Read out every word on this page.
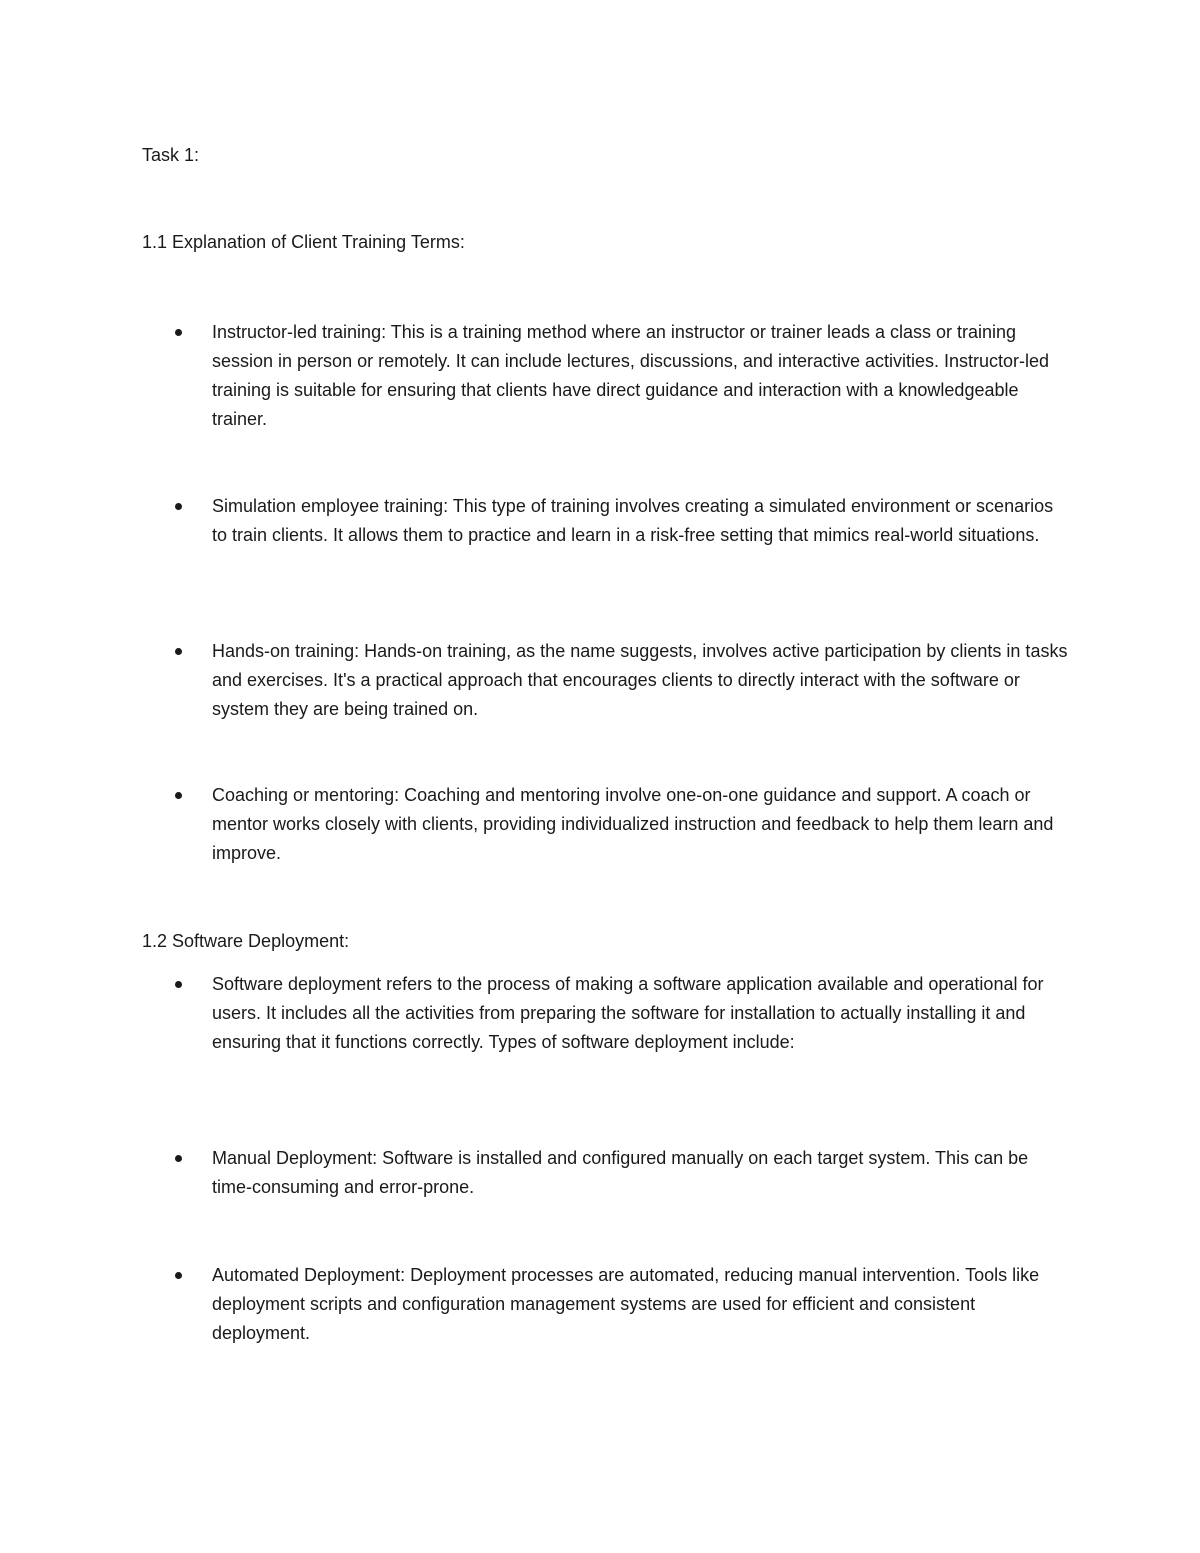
Task 1:

1.1 Explanation of Client Training Terms:

Instructor-led training: This is a training method where an instructor or trainer leads a class or training session in person or remotely. It can include lectures, discussions, and interactive activities. Instructor-led training is suitable for ensuring that clients have direct guidance and interaction with a knowledgeable trainer.
Simulation employee training: This type of training involves creating a simulated environment or scenarios to train clients. It allows them to practice and learn in a risk-free setting that mimics real-world situations.
Hands-on training: Hands-on training, as the name suggests, involves active participation by clients in tasks and exercises. It's a practical approach that encourages clients to directly interact with the software or system they are being trained on.
Coaching or mentoring: Coaching and mentoring involve one-on-one guidance and support. A coach or mentor works closely with clients, providing individualized instruction and feedback to help them learn and improve.

1.2 Software Deployment:

Software deployment refers to the process of making a software application available and operational for users. It includes all the activities from preparing the software for installation to actually installing it and ensuring that it functions correctly. Types of software deployment include:
Manual Deployment: Software is installed and configured manually on each target system. This can be time-consuming and error-prone.
Automated Deployment: Deployment processes are automated, reducing manual intervention. Tools like deployment scripts and configuration management systems are used for efficient and consistent deployment.
